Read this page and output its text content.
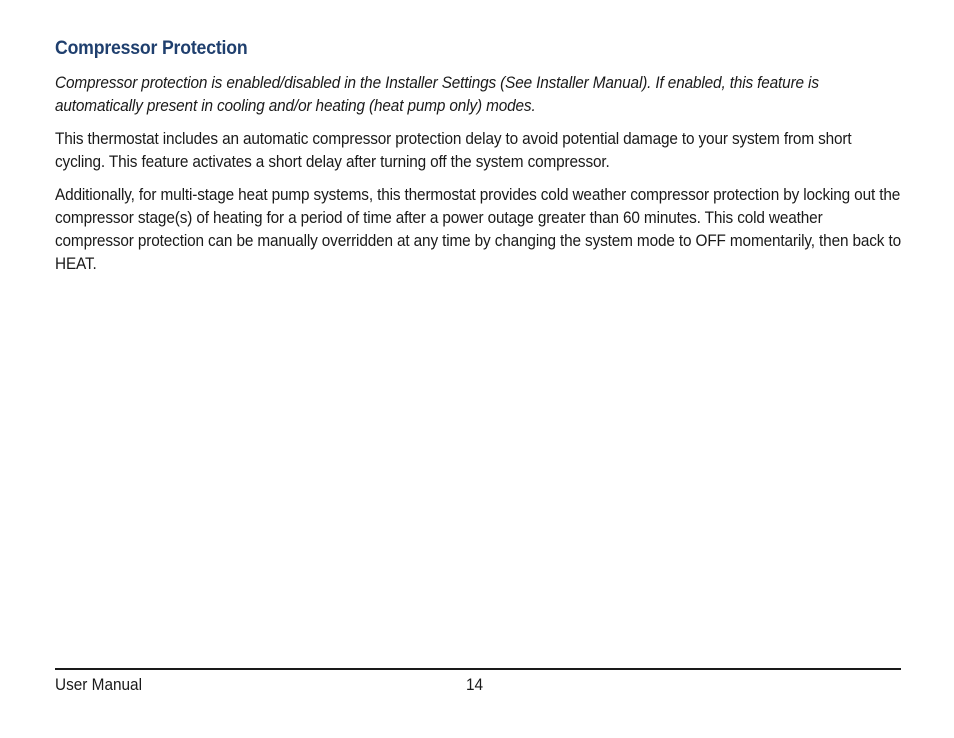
Compressor Protection

Compressor protection is enabled/disabled in the Installer Settings (See Installer Manual). If enabled, this feature is automatically present in cooling and/or heating (heat pump only) modes.

This thermostat includes an automatic compressor protection delay to avoid potential damage to your system from short cycling. This feature activates a short delay after turning off the system compressor.

Additionally, for multi-stage heat pump systems, this thermostat provides cold weather compressor protection by locking out the compressor stage(s) of heating for a period of time after a power outage greater than 60 minutes. This cold weather compressor protection can be manually overridden at any time by changing the system mode to OFF momentarily, then back to HEAT.

User Manual	14
